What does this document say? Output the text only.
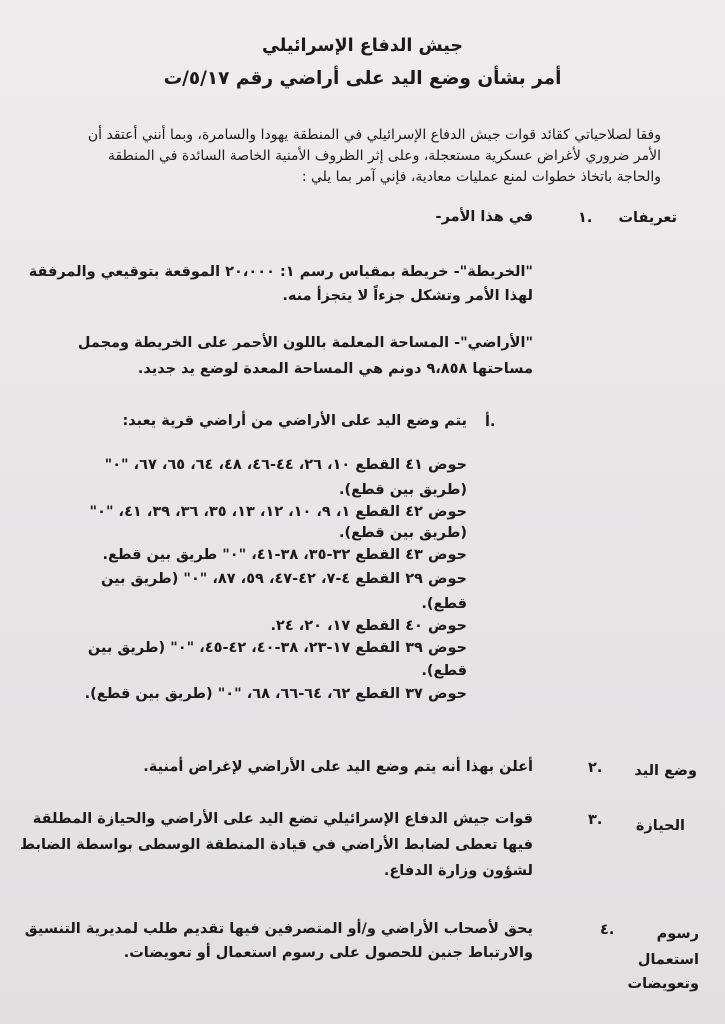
جيش الدفاع الإسرائيلي
أمر بشأن وضع اليد على أراضي رقم ٥/١٧/ت
وفقا لصلاحياتي كقائد قوات جيش الدفاع الإسرائيلي في المنطقة يهودا والسامرة، وبما أنني أعتقد أن
الأمر ضروري لأغراض عسكرية مستعجلة، وعلى إثر الظروف الأمنية الخاصة السائدة في المنطقة
والحاجة باتخاذ خطوات لمنع عمليات معادية، فإني آمر بما يلي :
تعريفات
١.
في هذا الأمر-
"الخريطة"- خريطة بمقياس رسم ١: ٢٠،٠٠٠ الموقعة بتوقيعي والمرفقة
لهذا الأمر وتشكل جزءاً لا يتجزأ منه.
"الأراضي"- المساحة المعلمة باللون الأحمر على الخريطة ومجمل
مساحتها ٩،٨٥٨ دونم هي المساحة المعدة لوضع يد جديد.
أ.
يتم وضع اليد على الأراضي من أراضي قرية يعبد:
حوض ٤١ القطع ١٠، ٢٦، ٤٤-٤٦، ٤٨، ٦٤، ٦٥، ٦٧، "٠"
(طريق بين قطع).
حوض ٤٢ القطع ١، ٩، ١٠، ١٢، ١٣، ٣٥، ٣٦، ٣٩، ٤١، "٠"
(طريق بين قطع).
حوض ٤٣ القطع ٣٢-٣٥، ٣٨-٤١، "٠" طريق بين قطع.
حوض ٢٩ القطع ٤-٧، ٤٢-٤٧، ٥٩، ٨٧، "٠" (طريق بين
قطع).
حوض ٤٠ القطع ١٧، ٢٠، ٢٤.
حوض ٣٩ القطع ١٧-٢٣، ٣٨-٤٠، ٤٢-٤٥، "٠" (طريق بين
قطع).
حوض ٣٧ القطع ٦٢، ٦٤-٦٦، ٦٨، "٠" (طريق بين قطع).
وضع اليد
٢.
أعلن بهذا أنه يتم وضع اليد على الأراضي لإغراض أمنية.
الحيازة
٣.
قوات جيش الدفاع الإسرائيلي تضع اليد على الأراضي والحيازة المطلقة
فيها تعطى لضابط الأراضي في قيادة المنطقة الوسطى بواسطة الضابط
لشؤون وزارة الدفاع.
رسوم
استعمال
وتعويضات
٤.
يحق لأصحاب الأراضي و/أو المتصرفين فيها تقديم طلب لمديرية التنسيق
والارتباط جنين للحصول على رسوم استعمال أو تعويضات.
